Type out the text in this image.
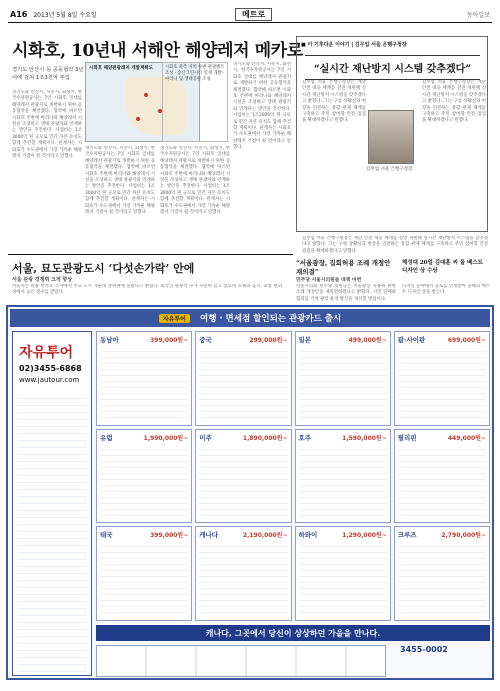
A16 2013년 5월 8일 수요일	메트로	동아일보
시화호, 10년내 서해안 해양레저 메카로
경기도·안산시 등 공동협약 3년여에 걸쳐 1조3천억 투입
경기도와 안산시, 시흥시, 화성시, 한국수자원공사는 7일 시화호 일대를 해양레저 관광지로 개발하기 위한 공동협약을 체결했다. 협약에 따르면 시화호 주변에 마리나와 해양레저 시설을 조성하고 생태 관광지와 연계하는 방안을 추진한다. 사업비는 1조3000억 원 규모로 민간 자본 유치도 함께 추진할 계획이다. 관계자는 시화호가 수도권에서 가장 가까운 해양레저 거점이 될 것이라고 말했다.
시화호 해양관광레저 개발계획도	시화호 북측 지역 수변 관광벨트 조성 · 송산그린시티 연계 개발 · 마리나 및 생태공원 조성
경기도와 안산시, 시흥시, 화성시, 한국수자원공사는 7일 시화호 일대를 해양레저 관광지로 개발하기 위한 공동협약을 체결했다. 협약에 따르면 시화호 주변에 마리나와 해양레저 시설을 조성하고 생태 관광지와 연계하는 방안을 추진한다. 사업비는 1조3000억 원 규모로 민간 자본 유치도 함께 추진할 계획이다. 관계자는 시화호가 수도권에서 가장 가까운 해양레저 거점이 될 것이라고 말했다.
경기도와 안산시, 시흥시, 화성시, 한국수자원공사는 7일 시화호 일대를 해양레저 관광지로 개발하기 위한 공동협약을 체결했다. 협약에 따르면 시화호 주변에 마리나와 해양레저 시설을 조성하고 생태 관광지와 연계하는 방안을 추진한다. 사업비는 1조3000억 원 규모로 민간 자본 유치도 함께 추진할 계획이다. 관계자는 시화호가 수도권에서 가장 가까운 해양레저 거점이 될 것이라고 말했다.
경기도와 안산시, 시흥시, 화성시, 한국수자원공사는 7일 시화호 일대를 해양레저 관광지로 개발하기 위한 공동협약을 체결했다. 협약에 따르면 시화호 주변에 마리나와 해양레저 시설을 조성하고 생태 관광지와 연계하는 방안을 추진한다. 사업비는 1조3000억 원 규모로 민간 자본 유치도 함께 추진할 계획이다. 관계자는 시화호가 수도권에서 가장 가까운 해양레저 거점이 될 것이라고 말했다.
■ 이 기후다운 이야기 | 김무업 서울 은행구청장
“실시간 재난방지 시스템 갖추겠다”
김무업 서울 은행구청장은 재난 안전 대응 체계를 전면 개편해 실시간 재난방지 시스템을 갖추겠다고 밝혔다. 그는 구청 상황실과 현장을 연결하는 통합 관제 체계를 구축하고 주민 참여형 안전 점검을 확대하겠다고 말했다.
김무업 서울 은행구청장
김무업 서울 은행구청장은 재난 안전 대응 체계를 전면 개편해 실시간 재난방지 시스템을 갖추겠다고 밝혔다. 그는 구청 상황실과 현장을 연결하는 통합 관제 체계를 구축하고 주민 참여형 안전 점검을 확대하겠다고 말했다.
김무업 서울 은행구청장은 재난 안전 대응 체계를 전면 개편해 실시간 재난방지 시스템을 갖추겠다고 밝혔다. 그는 구청 상황실과 현장을 연결하는 통합 관제 체계를 구축하고 주민 참여형 안전 점검을 확대하겠다고 말했다.
서울, 묘도관광도시 ‘다섯손가락’ 안에
서울 관광 경쟁력 크게 향상
서울시는 관광 만족도 조사에서 주요 도시 가운데 상위권에 올랐다고 밝혔다. 외국인 관광객 수가 꾸준히 늘고 있으며 쇼핑과 음식, 교통 편의성에서 높은 점수를 받았다.
“서울광장, 집회허용 조례 개정안 재의결”
민주당 서울시의원들 대책 마련
서울시의회 민주당 의원들은 서울광장 사용에 관한 조례 개정안을 재의결하겠다고 밝혔다. 시민 단체와 협의를 거쳐 광장 운영 방식을 개선할 방침이다.
헤성대 20일 김대훈 씨 올 베스트 디자인 상 수상
디자인 분야에서 공로를 인정받아 올해의 베스트 디자인 상을 받는다.
자유투어	여행 · 면세점 할인되는 관광카드 출시
자유투어
02)3455-6868
www.jautour.com
동남아	399,000원~ 중국	299,000원~ 일본	499,000원~ 괌·사이판	699,000원~
유럽	1,990,000원~ 미주	1,890,000원~ 호주	1,590,000원~ 필리핀	449,000원~
태국	399,000원~ 캐나다	2,190,000원~ 하와이	1,290,000원~ 크루즈	2,790,000원~
캐나다, 그곳에서 당신이 상상하던 가을을 만나다.
3455-0002
